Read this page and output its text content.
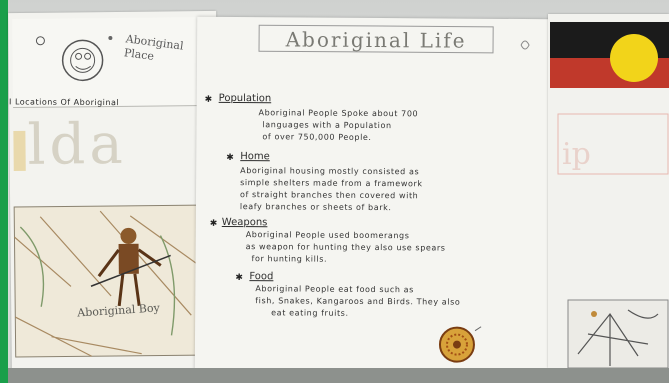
Aboriginal Place
I Locations Of Aboriginal
lda
Aboriginal Boy
Aboriginal Life
✱ Population
Aboriginal People Spoke about 700
languages with a Population
of over 750,000 People.
✱ Home
Aboriginal housing mostly consisted as
simple shelters made from a framework
of straight branches then covered with
leafy branches or sheets of bark.
✱ Weapons
Aboriginal People used boomerangs
as weapon for hunting they also use spears
for hunting kills.
✱ Food
Aboriginal People eat food such as
fish, Snakes, Kangaroos and Birds. They also
eat eating fruits.
ip
